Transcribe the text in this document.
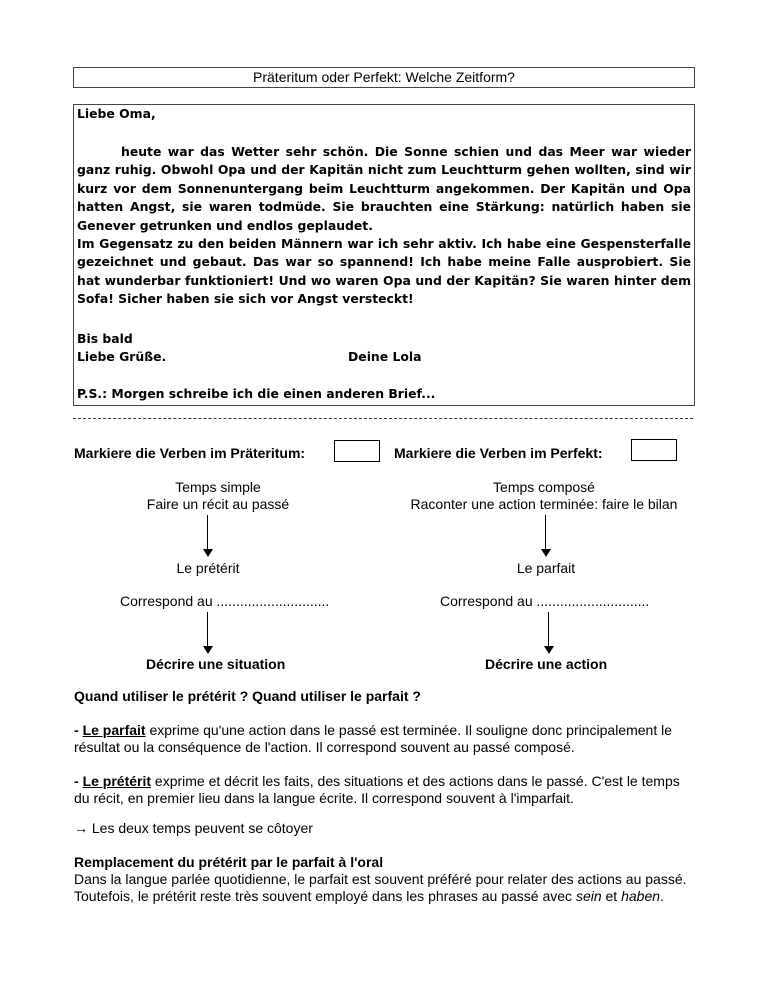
Präteritum oder Perfekt: Welche Zeitform?
Liebe Oma,
heute war das Wetter sehr schön. Die Sonne schien und das Meer war wieder ganz ruhig. Obwohl Opa und der Kapitän nicht zum Leuchtturm gehen wollten, sind wir kurz vor dem Sonnenuntergang beim Leuchtturm angekommen. Der Kapitän und Opa hatten Angst, sie waren todmüde. Sie brauchten eine Stärkung: natürlich haben sie Genever getrunken und endlos geplaudet.
Im Gegensatz zu den beiden Männern war ich sehr aktiv. Ich habe eine Gespensterfalle gezeichnet und gebaut. Das war so spannend! Ich habe meine Falle ausprobiert. Sie hat wunderbar funktioniert! Und wo waren Opa und der Kapitän? Sie waren hinter dem Sofa! Sicher haben sie sich vor Angst versteckt!
Bis bald
Liebe Grüße.	Deine Lola
P.S.: Morgen schreibe ich die einen anderen Brief...
Markiere die Verben im Präteritum:	Markiere die Verben im Perfekt:
Temps simple
Faire un récit au passé
Le prétérit
Correspond au .............................
Décrire une situation
Temps composé
Raconter une action terminée: faire le bilan
Le parfait
Correspond au .............................
Décrire une action
Quand utiliser le prétérit ? Quand utiliser le parfait ?
- Le parfait exprime qu'une action dans le passé est terminée. Il souligne donc principalement le résultat ou la conséquence de l'action. Il correspond souvent au passé composé.
- Le prétérit exprime et décrit les faits, des situations et des actions dans le passé. C'est le temps du récit, en premier lieu dans la langue écrite. Il correspond souvent à l'imparfait.
→ Les deux temps peuvent se côtoyer
Remplacement du prétérit par le parfait à l'oral
Dans la langue parlée quotidienne, le parfait est souvent préféré pour relater des actions au passé. Toutefois, le prétérit reste très souvent employé dans les phrases au passé avec sein et haben.
